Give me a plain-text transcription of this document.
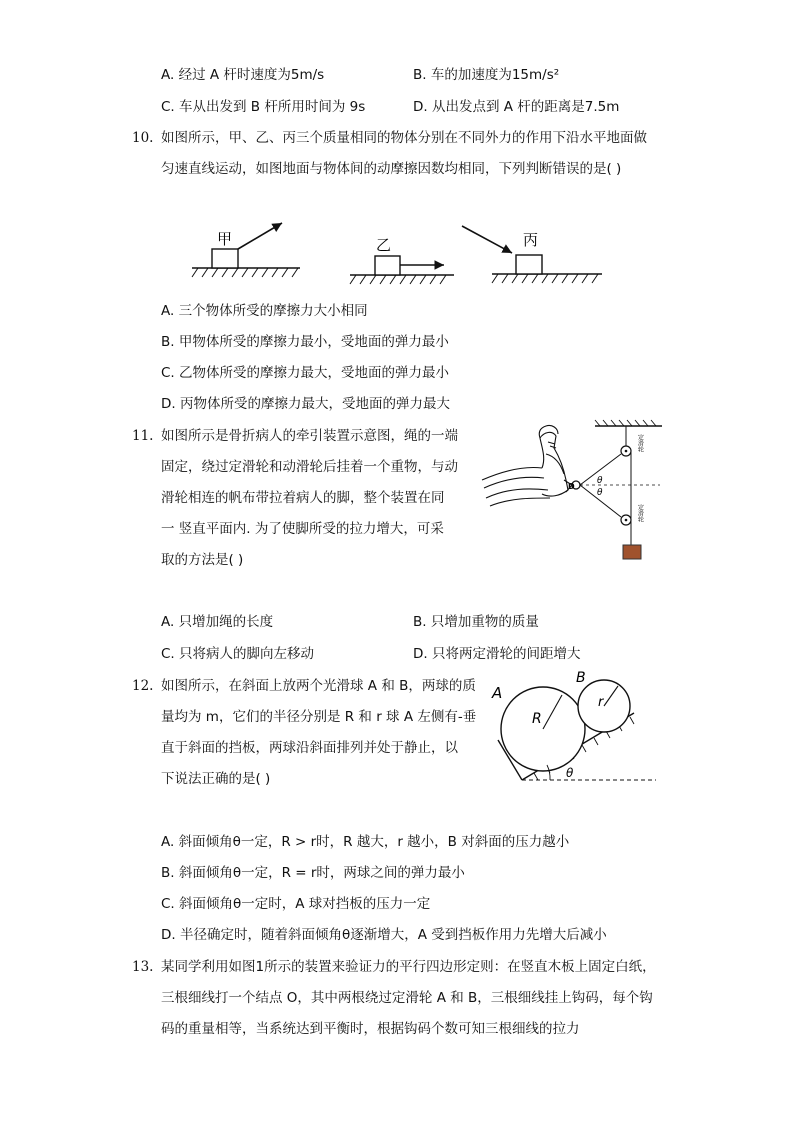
A. 经过 A 杆时速度为5m/s	B. 车的加速度为15m/s²
C. 车从出发到 B 杆所用时间为 9s	D. 从出发点到 A 杆的距离是7.5m
10. 如图所示，甲、乙、丙三个质量相同的物体分别在不同外力的作用下沿水平地面做
匀速直线运动，如图地面与物体间的动摩擦因数均相同，下列判断错误的是( )
甲	乙	丙
A. 三个物体所受的摩擦力大小相同
B. 甲物体所受的摩擦力最小，受地面的弹力最小
C. 乙物体所受的摩擦力最大，受地面的弹力最小
D. 丙物体所受的摩擦力最大，受地面的弹力最大
11. 如图所示是骨折病人的牵引装置示意图，绳的一端
固定，绕过定滑轮和动滑轮后挂着一个重物，与动
滑轮相连的帆布带拉着病人的脚，整个装置在同
一 竖直平面内. 为了使脚所受的拉力增大，可采
取的方法是( )
定滑轮
定滑轮
D
θ
θ
A. 只增加绳的长度	B. 只增加重物的质量
C. 只将病人的脚向左移动	D. 只将两定滑轮的间距增大
12. 如图所示，在斜面上放两个光滑球 A 和 B，两球的质
量均为 m，它们的半径分别是 R 和 r 球 A 左侧有-垂
直于斜面的挡板，两球沿斜面排列并处于静止，以
下说法正确的是( )
A
R
B
r
θ
A. 斜面倾角θ一定，R > r时，R 越大，r 越小，B 对斜面的压力越小
B. 斜面倾角θ一定，R = r时，两球之间的弹力最小
C. 斜面倾角θ一定时，A 球对挡板的压力一定
D. 半径确定时，随着斜面倾角θ逐渐增大，A 受到挡板作用力先增大后减小
13. 某同学利用如图1所示的装置来验证力的平行四边形定则：在竖直木板上固定白纸，
三根细线打一个结点 O，其中两根绕过定滑轮 A 和 B，三根细线挂上钩码，每个钩
码的重量相等，当系统达到平衡时，根据钩码个数可知三根细线的拉力
